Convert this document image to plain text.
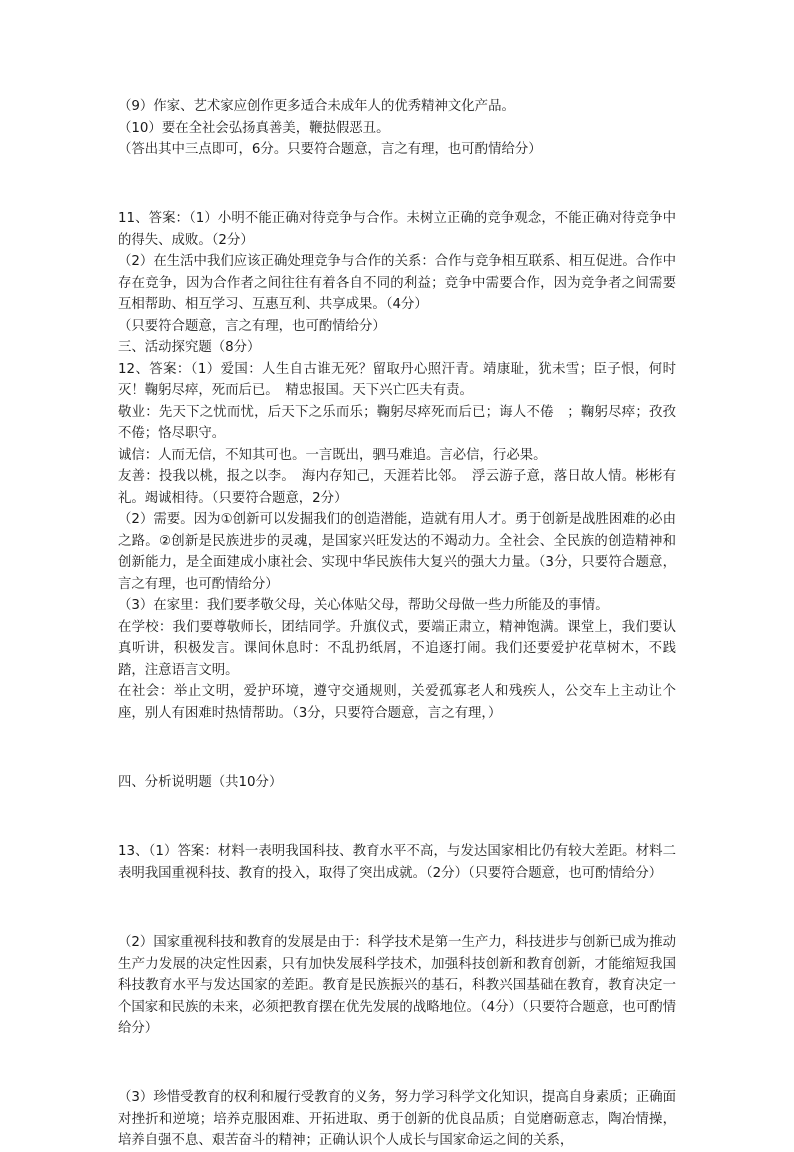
（9）作家、艺术家应创作更多适合未成年人的优秀精神文化产品。

（10）要在全社会弘扬真善美，鞭挞假恶丑。

（答出其中三点即可，6分。只要符合题意，言之有理，也可酌情给分）

11、答案：（1）小明不能正确对待竞争与合作。未树立正确的竞争观念，不能正确对待竞争中的得失、成败。（2分）

（2）在生活中我们应该正确处理竞争与合作的关系：合作与竞争相互联系、相互促进。合作中存在竞争，因为合作者之间往往有着各自不同的利益；竞争中需要合作，因为竞争者之间需要互相帮助、相互学习、互惠互利、共享成果。（4分）

（只要符合题意，言之有理，也可酌情给分）

三、活动探究题（8分）

12、答案：（1）爱国：人生自古谁无死？留取丹心照汗青。靖康耻，犹未雪；臣子恨，何时灭！鞠躬尽瘁，死而后已。　精忠报国。天下兴亡匹夫有责。

敬业：先天下之忧而忧，后天下之乐而乐；鞠躬尽瘁死而后已；诲人不倦　；鞠躬尽瘁；孜孜不倦；恪尽职守。

诚信：人而无信，不知其可也。一言既出，驷马难追。言必信，行必果。

友善：投我以桃，报之以李。　海内存知己，天涯若比邻。　浮云游子意，落日故人情。彬彬有礼。竭诚相待。（只要符合题意，2分）

（2）需要。因为①创新可以发掘我们的创造潜能，造就有用人才。勇于创新是战胜困难的必由之路。②创新是民族进步的灵魂，是国家兴旺发达的不竭动力。全社会、全民族的创造精神和创新能力，是全面建成小康社会、实现中华民族伟大复兴的强大力量。（3分，只要符合题意，言之有理，也可酌情给分）

（3）在家里：我们要孝敬父母，关心体贴父母，帮助父母做一些力所能及的事情。

在学校：我们要尊敬师长，团结同学。升旗仪式，要端正肃立，精神饱满。课堂上，我们要认真听讲，积极发言。课间休息时：不乱扔纸屑，不追逐打闹。我们还要爱护花草树木，不践踏，注意语言文明。

在社会：举止文明，爱护环境，遵守交通规则，关爱孤寡老人和残疾人，公交车上主动让个座，别人有困难时热情帮助。（3分，只要符合题意，言之有理，）

四、分析说明题（共10分）

13、（1）答案：材料一表明我国科技、教育水平不高，与发达国家相比仍有较大差距。材料二表明我国重视科技、教育的投入，取得了突出成就。（2分）（只要符合题意，也可酌情给分）

（2）国家重视科技和教育的发展是由于：科学技术是第一生产力，科技进步与创新已成为推动生产力发展的决定性因素，只有加快发展科学技术，加强科技创新和教育创新，才能缩短我国科技教育水平与发达国家的差距。教育是民族振兴的基石，科教兴国基础在教育，教育决定一个国家和民族的未来，必须把教育摆在优先发展的战略地位。（4分）（只要符合题意，也可酌情给分）

（3）珍惜受教育的权利和履行受教育的义务，努力学习科学文化知识，提高自身素质；正确面对挫折和逆境；培养克服困难、开拓进取、勇于创新的优良品质；自觉磨砺意志，陶冶情操，培养自强不息、艰苦奋斗的精神；正确认识个人成长与国家命运之间的关系，
